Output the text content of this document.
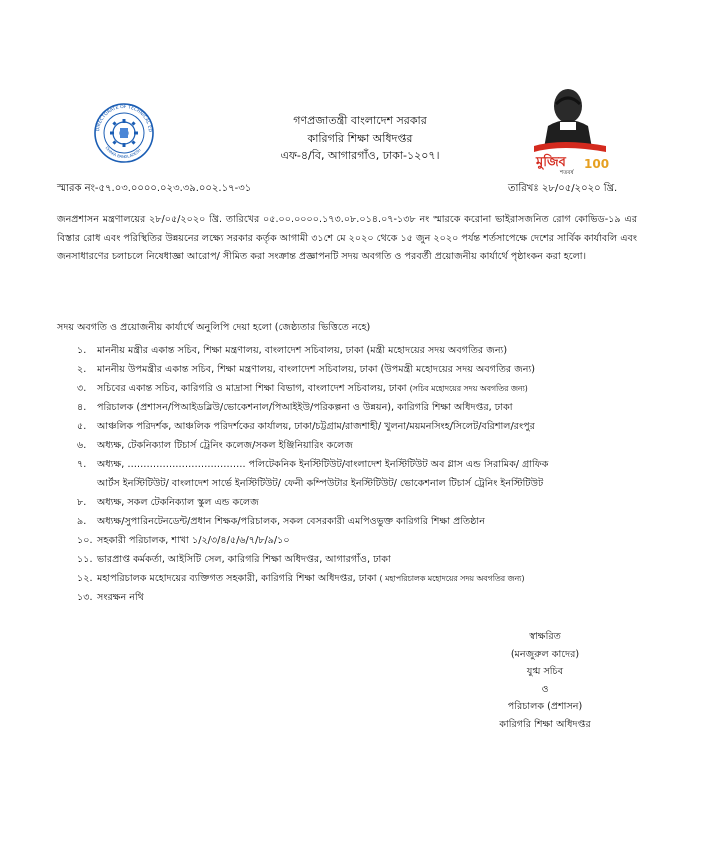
DIRECTORATE OF TECHNICAL ED
DHAKA BANGLADESH
গণপ্রজাতন্ত্রী বাংলাদেশ সরকার
কারিগরি শিক্ষা অধিদপ্তর
এফ-৪/বি, আগারগাঁও, ঢাকা-১২০৭।	মুজিব
শতবর্ষ
100
স্মারক নং-৫৭.০৩.০০০০.০২৩.৩৯.০০২.১৭-৩১	তারিখঃ ২৮/০৫/২০২০ খ্রি.
জনপ্রশাসন মন্ত্রণালয়ের ২৮/০৫/২০২০ খ্রি. তারিখের ০৫.০০.০০০০.১৭৩.০৮.০১৪.০৭-১৩৮ নং স্মারকে করোনা ভাইরাসজনিত রোগ কোভিড-১৯ এর বিস্তার রোধ এবং পরিস্থিতির উন্নয়নের লক্ষ্যে সরকার কর্তৃক আগামী ৩১শে মে ২০২০ থেকে ১৫ জুন ২০২০ পর্যন্ত শর্তসাপেক্ষে দেশের সার্বিক কার্যাবলি এবং জনসাধারণের চলাচলে নিষেধাজ্ঞা আরোপ/ সীমিত করা সংক্রান্ত প্রজ্ঞাপনটি সদয় অবগতি ও পরবর্তী প্রয়োজনীয় কার্যার্থে পৃষ্ঠাংকন করা হলো।
সদয় অবগতি ও প্রয়োজনীয় কার্যার্থে অনুলিপি দেয়া হলো (জেষ্ঠ্যতার ভিত্তিতে নহে)
১. মাননীয় মন্ত্রীর একান্ত সচিব, শিক্ষা মন্ত্রণালয়, বাংলাদেশ সচিবালয়, ঢাকা (মন্ত্রী মহোদয়ের সদয় অবগতির জন্য)
২. মাননীয় উপমন্ত্রীর একান্ত সচিব, শিক্ষা মন্ত্রণালয়, বাংলাদেশ সচিবালয়, ঢাকা (উপমন্ত্রী মহোদয়ের সদয় অবগতির জন্য)
৩. সচিবের একান্ত সচিব, কারিগরি ও মাদ্রাসা শিক্ষা বিভাগ, বাংলাদেশ সচিবালয়, ঢাকা (সচিব মহোদয়ের সদয় অবগতির জন্য)
৪. পরিচালক (প্রশাসন/পিআইডব্লিউ/ভোকেশনাল/পিআইইউ/পরিকল্পনা ও উন্নয়ন), কারিগরি শিক্ষা অধিদপ্তর, ঢাকা
৫. আঞ্চলিক পরিদর্শক, আঞ্চলিক পরিদর্শকের কার্যালয়, ঢাকা/চট্টগ্রাম/রাজশাহী/ খুলনা/ময়মনসিংহ/সিলেট/বরিশাল/রংপুর
৬. অধ্যক্ষ, টেকনিক্যাল টিচার্স ট্রেনিং কলেজ/সকল ইঞ্জিনিয়ারিং কলেজ
৭. অধ্যক্ষ, ………………………………. পলিটেকনিক ইনস্টিটিউট/বাংলাদেশ ইনস্টিটিউট অব গ্লাস এন্ড সিরামিক/ গ্রাফিক
আর্টস ইনস্টিটিউট/ বাংলাদেশ সার্ভে ইনস্টিটিউট/ ফেনী কম্পিউটার ইনস্টিটিউট/ ভোকেশনাল টিচার্স ট্রেনিং ইনস্টিটিউট
৮. অধ্যক্ষ, সকল টেকনিক্যাল স্কুল এন্ড কলেজ
৯. অধ্যক্ষ/সুপারিনটেনডেন্ট/প্রধান শিক্ষক/পরিচালক, সকল বেসরকারী এমপিওভুক্ত কারিগরি শিক্ষা প্রতিষ্ঠান
১০. সহকারী পরিচালক, শাখা ১/২/৩/৪/৫/৬/৭/৮/৯/১০
১১. ভারপ্রাপ্ত কর্মকর্তা, আইসিটি সেল, কারিগরি শিক্ষা অধিদপ্তর, আগারগাঁও, ঢাকা
১২. মহাপরিচালক মহোদয়ের ব্যক্তিগত সহকারী, কারিগরি শিক্ষা অধিদপ্তর, ঢাকা ( মহাপরিচালক মহোদয়ের সদয় অবগতির জন্য)
১৩. সংরক্ষন নথি
স্বাক্ষরিত
(মনজুরুল কাদের)
যুগ্ম সচিব
ও
পরিচালক (প্রশাসন)
কারিগরি শিক্ষা অধিদপ্তর
